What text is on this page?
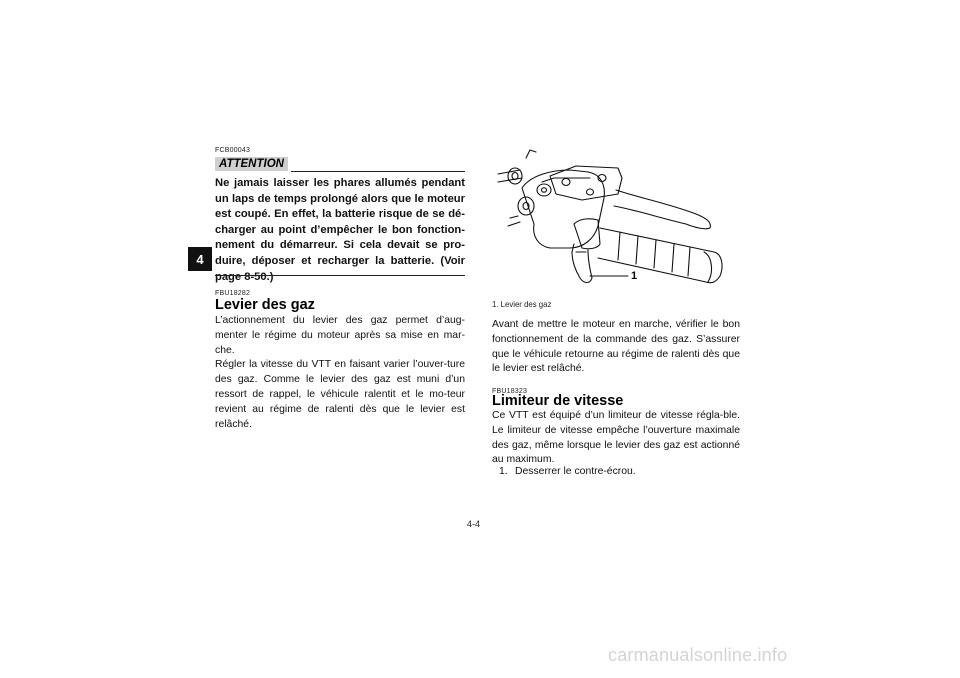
4
FCB00043
ATTENTION

Ne jamais laisser les phares allumés pendant un laps de temps prolongé alors que le moteur est coupé. En effet, la batterie risque de se dé-charger au point d’empêcher le bon fonction-nement du démarreur. Si cela devait se pro-duire, déposer et recharger la batterie. (Voir page 8-50.)

FBU18282
Levier des gaz

L’actionnement du levier des gaz permet d’aug-menter le régime du moteur après sa mise en mar-che.

Régler la vitesse du VTT en faisant varier l’ouver-ture des gaz. Comme le levier des gaz est muni d’un ressort de rappel, le véhicule ralentit et le mo-teur revient au régime de ralenti dès que le levier est relâché.

1
1. Levier des gaz

Avant de mettre le moteur en marche, vérifier le bon fonctionnement de la commande des gaz. S’assurer que le véhicule retourne au régime de ralenti dès que le levier est relâché.

FBU18323
Limiteur de vitesse

Ce VTT est équipé d’un limiteur de vitesse régla-ble. Le limiteur de vitesse empêche l’ouverture maximale des gaz, même lorsque le levier des gaz est actionné au maximum.

1. Desserrer le contre-écrou.
4-4
carmanualsonline.info
